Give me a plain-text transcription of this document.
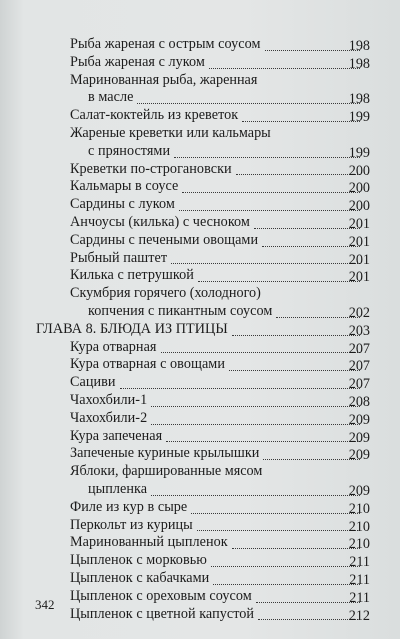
Рыба жареная с острым соусом	198
Рыба жареная с луком	198
Маринованная рыба, жаренная
в масле	198
Салат-коктейль из креветок	199
Жареные креветки или кальмары
с пряностями	199
Креветки по-строгановски	200
Кальмары в соусе	200
Сардины с луком	200
Анчоусы (килька) с чесноком	201
Сардины с печеными овощами	201
Рыбный паштет	201
Килька с петрушкой	201
Скумбрия горячего (холодного)
копчения с пикантным соусом	202
ГЛАВА 8. БЛЮДА ИЗ ПТИЦЫ	203
Кура отварная	207
Кура отварная с овощами	207
Сациви	207
Чахохбили-1	208
Чахохбили-2	209
Кура запеченая	209
Запеченые куриные крылышки	209
Яблоки, фаршированные мясом
цыпленка	209
Филе из кур в сыре	210
Перкольт из курицы	210
Маринованный цыпленок	210
Цыпленок с морковью	211
Цыпленок с кабачками	211
Цыпленок с ореховым соусом	211
Цыпленок с цветной капустой	212
342
